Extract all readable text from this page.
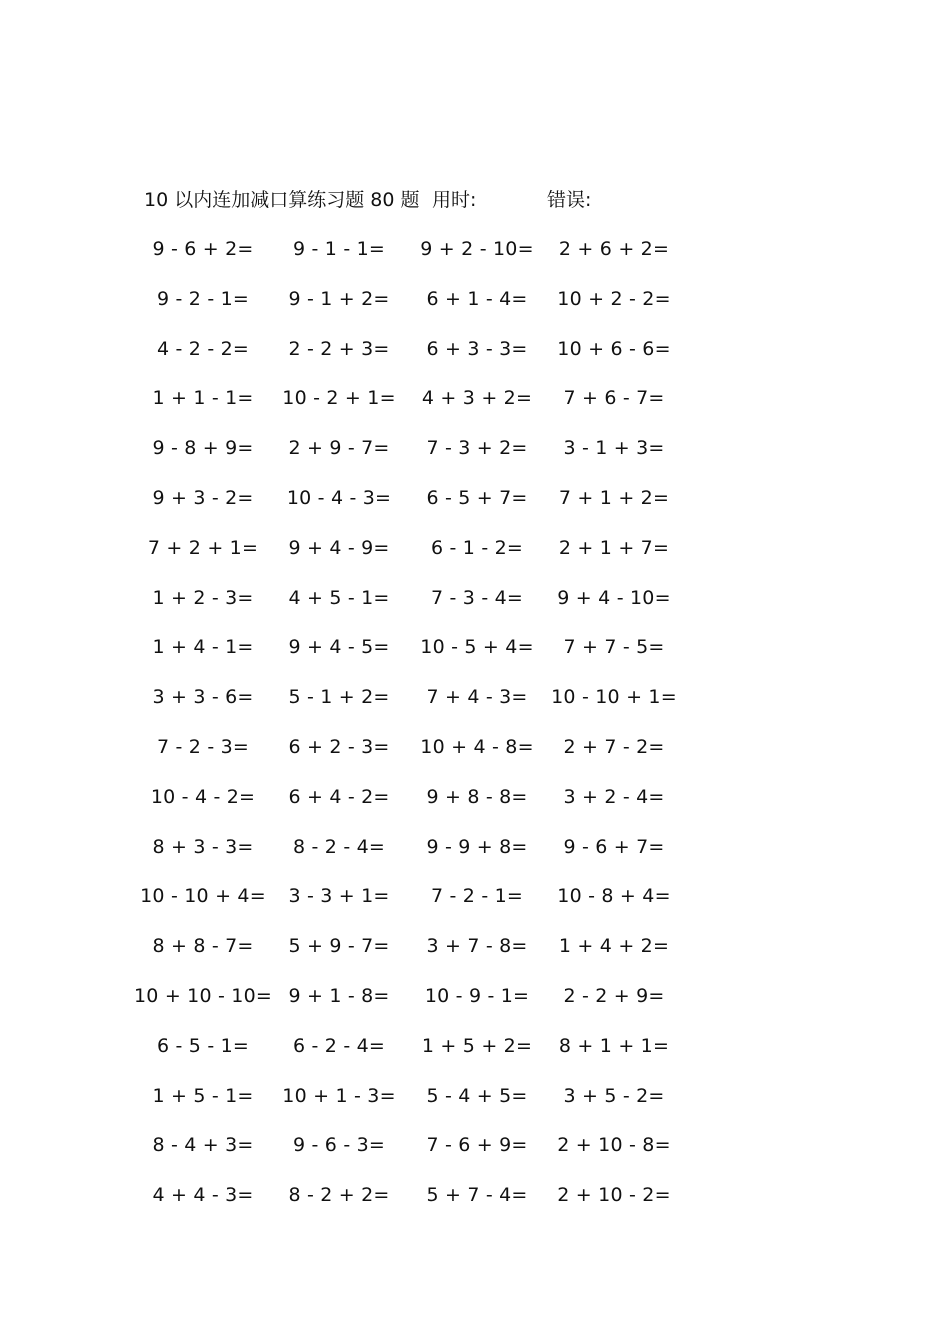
10 以内连加减口算练习题 80 题 用时:	错误:
9 - 6 + 2= 9 - 1 - 1= 9 + 2 - 10= 2 + 6 + 2=
9 - 2 - 1= 9 - 1 + 2= 6 + 1 - 4= 10 + 2 - 2=
4 - 2 - 2= 2 - 2 + 3= 6 + 3 - 3= 10 + 6 - 6=
1 + 1 - 1= 10 - 2 + 1= 4 + 3 + 2= 7 + 6 - 7=
9 - 8 + 9= 2 + 9 - 7= 7 - 3 + 2= 3 - 1 + 3=
9 + 3 - 2= 10 - 4 - 3= 6 - 5 + 7= 7 + 1 + 2=
7 + 2 + 1= 9 + 4 - 9= 6 - 1 - 2= 2 + 1 + 7=
1 + 2 - 3= 4 + 5 - 1= 7 - 3 - 4= 9 + 4 - 10=
1 + 4 - 1= 9 + 4 - 5= 10 - 5 + 4= 7 + 7 - 5=
3 + 3 - 6= 5 - 1 + 2= 7 + 4 - 3= 10 - 10 + 1=
7 - 2 - 3= 6 + 2 - 3= 10 + 4 - 8= 2 + 7 - 2=
10 - 4 - 2= 6 + 4 - 2= 9 + 8 - 8= 3 + 2 - 4=
8 + 3 - 3= 8 - 2 - 4= 9 - 9 + 8= 9 - 6 + 7=
10 - 10 + 4= 3 - 3 + 1= 7 - 2 - 1= 10 - 8 + 4=
8 + 8 - 7= 5 + 9 - 7= 3 + 7 - 8= 1 + 4 + 2=
10 + 10 - 10= 9 + 1 - 8= 10 - 9 - 1= 2 - 2 + 9=
6 - 5 - 1= 6 - 2 - 4= 1 + 5 + 2= 8 + 1 + 1=
1 + 5 - 1= 10 + 1 - 3= 5 - 4 + 5= 3 + 5 - 2=
8 - 4 + 3= 9 - 6 - 3= 7 - 6 + 9= 2 + 10 - 8=
4 + 4 - 3= 8 - 2 + 2= 5 + 7 - 4= 2 + 10 - 2=
